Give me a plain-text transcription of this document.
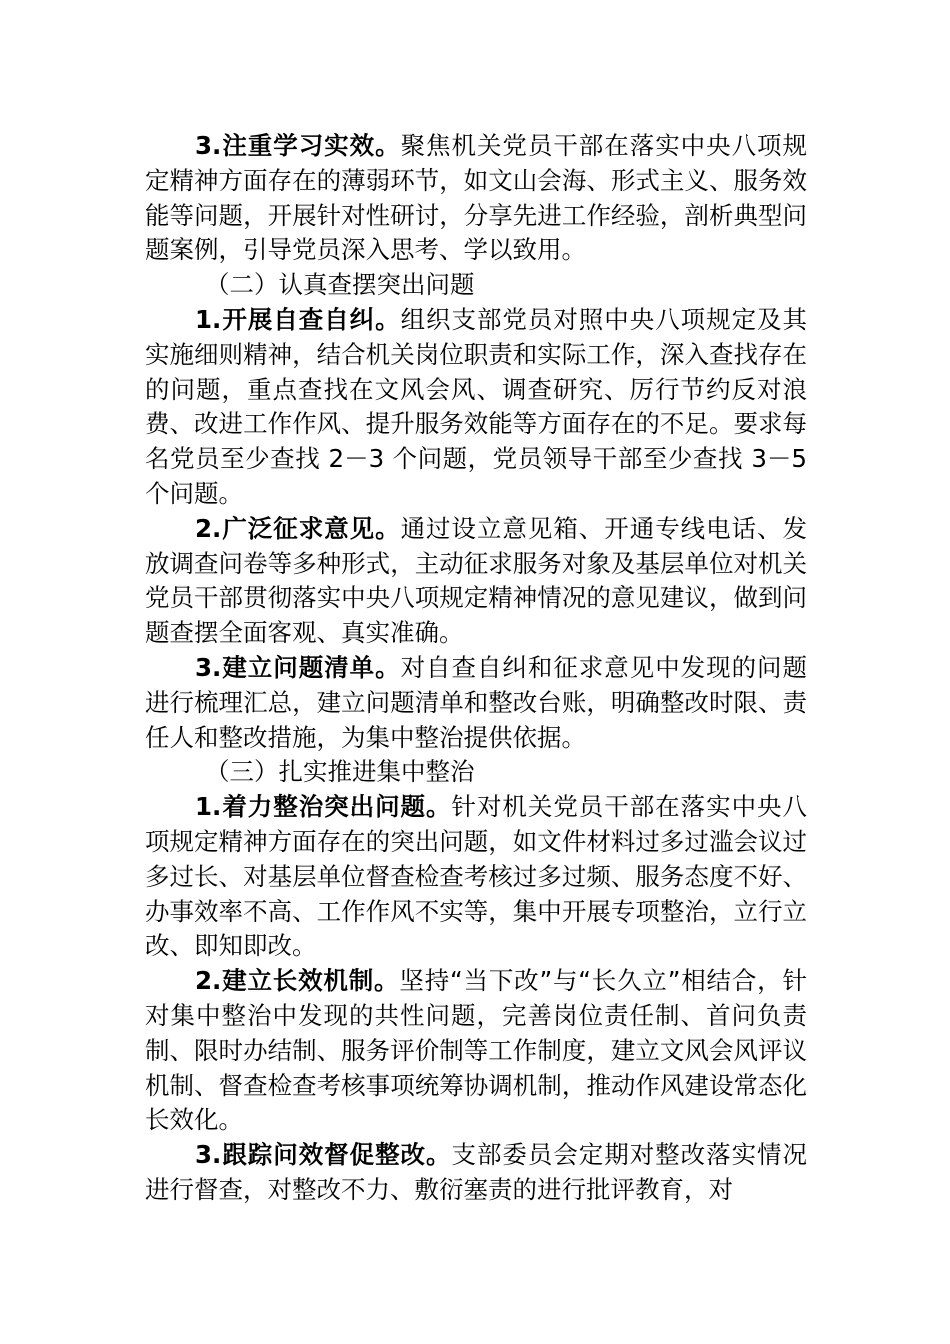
3.注重学习实效。聚焦机关党员干部在落实中央八项规定精神方面存在的薄弱环节，如文山会海、形式主义、服务效能等问题，开展针对性研讨，分享先进工作经验，剖析典型问题案例，引导党员深入思考、学以致用。

（二）认真查摆突出问题

1.开展自查自纠。组织支部党员对照中央八项规定及其实施细则精神，结合机关岗位职责和实际工作，深入查找存在的问题，重点查找在文风会风、调查研究、厉行节约反对浪费、改进工作作风、提升服务效能等方面存在的不足。要求每名党员至少查找 2－3 个问题，党员领导干部至少查找 3－5 个问题。

2.广泛征求意见。通过设立意见箱、开通专线电话、发放调查问卷等多种形式，主动征求服务对象及基层单位对机关党员干部贯彻落实中央八项规定精神情况的意见建议，做到问题查摆全面客观、真实准确。

3.建立问题清单。对自查自纠和征求意见中发现的问题进行梳理汇总，建立问题清单和整改台账，明确整改时限、责任人和整改措施，为集中整治提供依据。

（三）扎实推进集中整治

1.着力整治突出问题。针对机关党员干部在落实中央八项规定精神方面存在的突出问题，如文件材料过多过滥会议过多过长、对基层单位督查检查考核过多过频、服务态度不好、办事效率不高、工作作风不实等，集中开展专项整治，立行立改、即知即改。

2.建立长效机制。坚持“当下改”与“长久立”相结合，针对集中整治中发现的共性问题，完善岗位责任制、首问负责制、限时办结制、服务评价制等工作制度，建立文风会风评议机制、督查检查考核事项统筹协调机制，推动作风建设常态化长效化。

3.跟踪问效督促整改。支部委员会定期对整改落实情况进行督查，对整改不力、敷衍塞责的进行批评教育，对
